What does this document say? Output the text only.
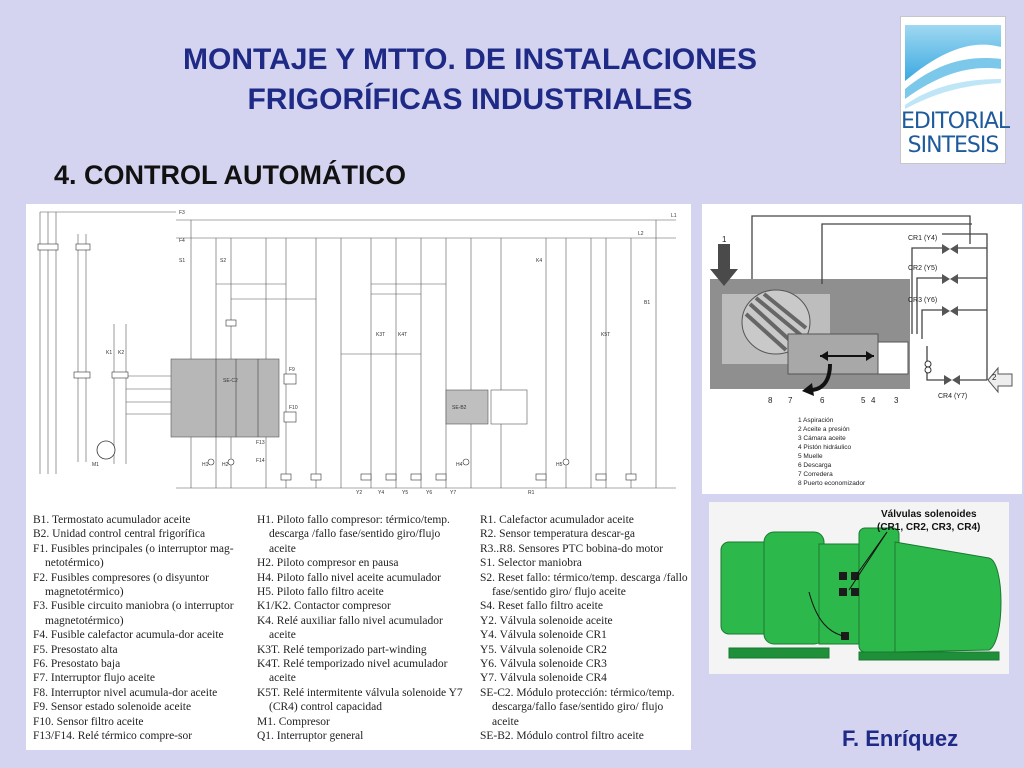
MONTAJE Y MTTO. DE INSTALACIONES
FRIGORÍFICAS INDUSTRIALES
4. CONTROL AUTOMÁTICO
EDITORIAL
SINTESIS
SE-C2
SE-B2
F3
F4
S1	S2
K1 K2
K3T	K4T	K5T
K4
H1	H2	H4	H5
Y2	Y4	Y5	Y6	Y7	R1
B1
M1
F13
F14
F9
F10
L1
L2
B1. Termostato acumulador aceite
B2. Unidad control central frigorífica
F1. Fusibles principales (o interruptor mag-

netotérmico)
F2. Fusibles compresores (o disyuntor

magnetotérmico)
F3. Fusible circuito maniobra (o interruptor

magnetotérmico)
F4. Fusible calefactor acumula-dor aceite
F5. Presostato alta
F6. Presostato baja
F7. Interruptor flujo aceite
F8. Interruptor nivel acumula-dor aceite
F9. Sensor estado solenoide aceite
F10. Sensor filtro aceite
F13/F14. Relé térmico compre-sor
H1. Piloto fallo compresor: térmico/temp.

descarga /fallo fase/sentido giro/flujo
aceite
H2. Piloto compresor en pausa
H4. Piloto fallo nivel aceite acumulador
H5. Piloto fallo filtro aceite
K1/K2. Contactor compresor
K4. Relé auxiliar fallo nivel acumulador

aceite
K3T. Relé temporizado part-winding
K4T. Relé temporizado nivel acumulador

aceite
K5T. Relé intermitente válvula solenoide Y7

(CR4) control capacidad
M1. Compresor
Q1. Interruptor general
R1. Calefactor acumulador aceite
R2. Sensor temperatura descar-ga
R3..R8. Sensores PTC bobina-do motor
S1. Selector maniobra
S2. Reset fallo: térmico/temp. descarga /fallo

fase/sentido giro/ flujo aceite
S4. Reset fallo filtro aceite
Y2. Válvula solenoide aceite
Y4. Válvula solenoide CR1
Y5. Válvula solenoide CR2
Y6. Válvula solenoide CR3
Y7. Válvula solenoide CR4
SE-C2. Módulo protección: térmico/temp.

descarga/fallo fase/sentido giro/ flujo
aceite
SE-B2. Módulo control filtro aceite
CR1 (Y4)
CR2 (Y5)
CR3 (Y6)
CR4 (Y7)
1
2
8 7	6	5 4 3
1 Aspiración
2 Aceite a presión
3 Cámara aceite
4 Pistón hidráulico
5 Muelle
6 Descarga
7 Corredera
8 Puerto economizador
Válvulas solenoides
(CR1, CR2, CR3, CR4)

F. Enríquez
